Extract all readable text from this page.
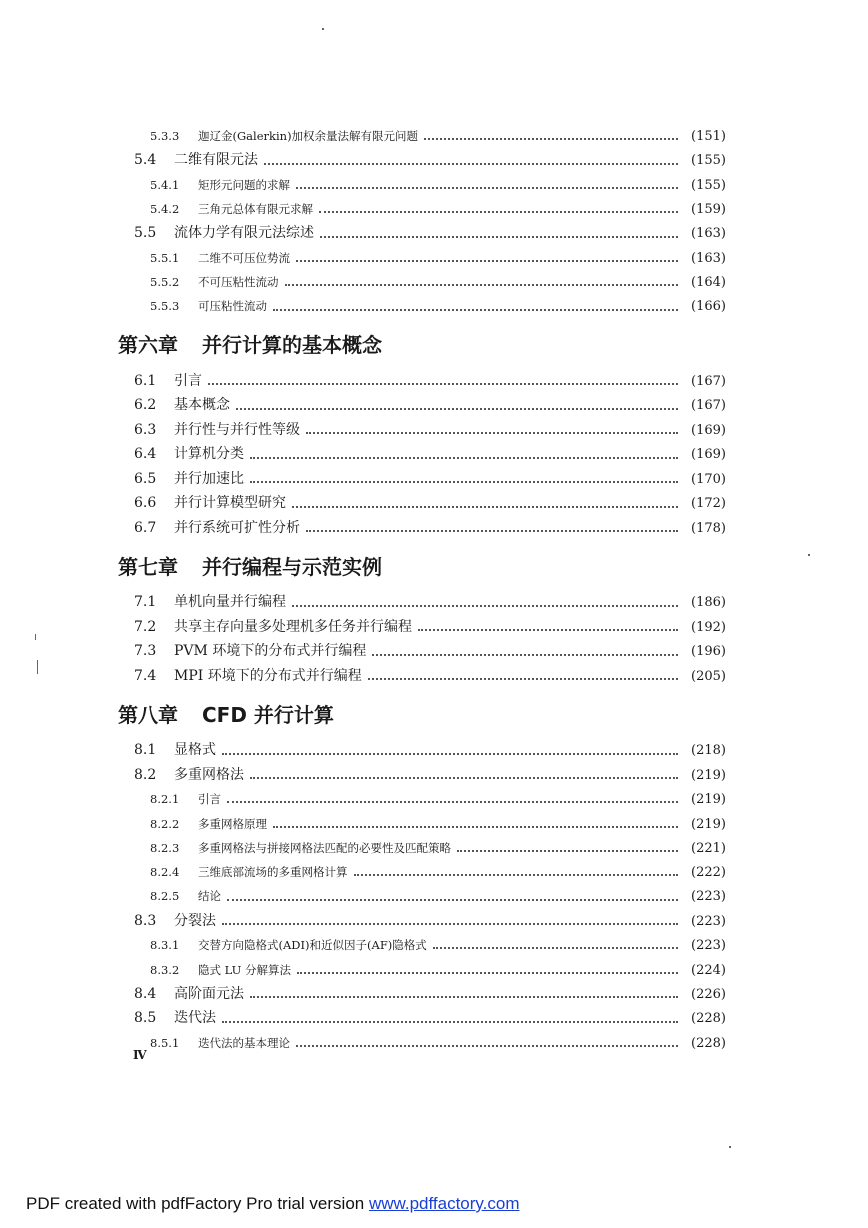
5.3.3	迦辽金(Galerkin)加权余量法解有限元问题	(151)
5.4	二维有限元法	(155)
5.4.1	矩形元问题的求解	(155)
5.4.2	三角元总体有限元求解	(159)
5.5	流体力学有限元法综述	(163)
5.5.1	二维不可压位势流	(163)
5.5.2	不可压粘性流动	(164)
5.5.3	可压粘性流动	(166)
第六章 并行计算的基本概念
6.1	引言	(167)
6.2	基本概念	(167)
6.3	并行性与并行性等级	(169)
6.4	计算机分类	(169)
6.5	并行加速比	(170)
6.6	并行计算模型研究	(172)
6.7	并行系统可扩性分析	(178)
第七章 并行编程与示范实例
7.1	单机向量并行编程	(186)
7.2	共享主存向量多处理机多任务并行编程	(192)
7.3	PVM 环境下的分布式并行编程	(196)
7.4	MPI 环境下的分布式并行编程	(205)
第八章 CFD 并行计算
8.1	显格式	(218)
8.2	多重网格法	(219)
8.2.1	引言	(219)
8.2.2	多重网格原理	(219)
8.2.3	多重网格法与拼接网格法匹配的必要性及匹配策略	(221)
8.2.4	三维底部流场的多重网格计算	(222)
8.2.5	结论	(223)
8.3	分裂法	(223)
8.3.1	交替方向隐格式(ADI)和近似因子(AF)隐格式	(223)
8.3.2	隐式 LU 分解算法	(224)
8.4	高阶面元法	(226)
8.5	迭代法	(228)
8.5.1	迭代法的基本理论	(228)
Ⅳ
PDF created with pdfFactory Pro trial version www.pdffactory.com
